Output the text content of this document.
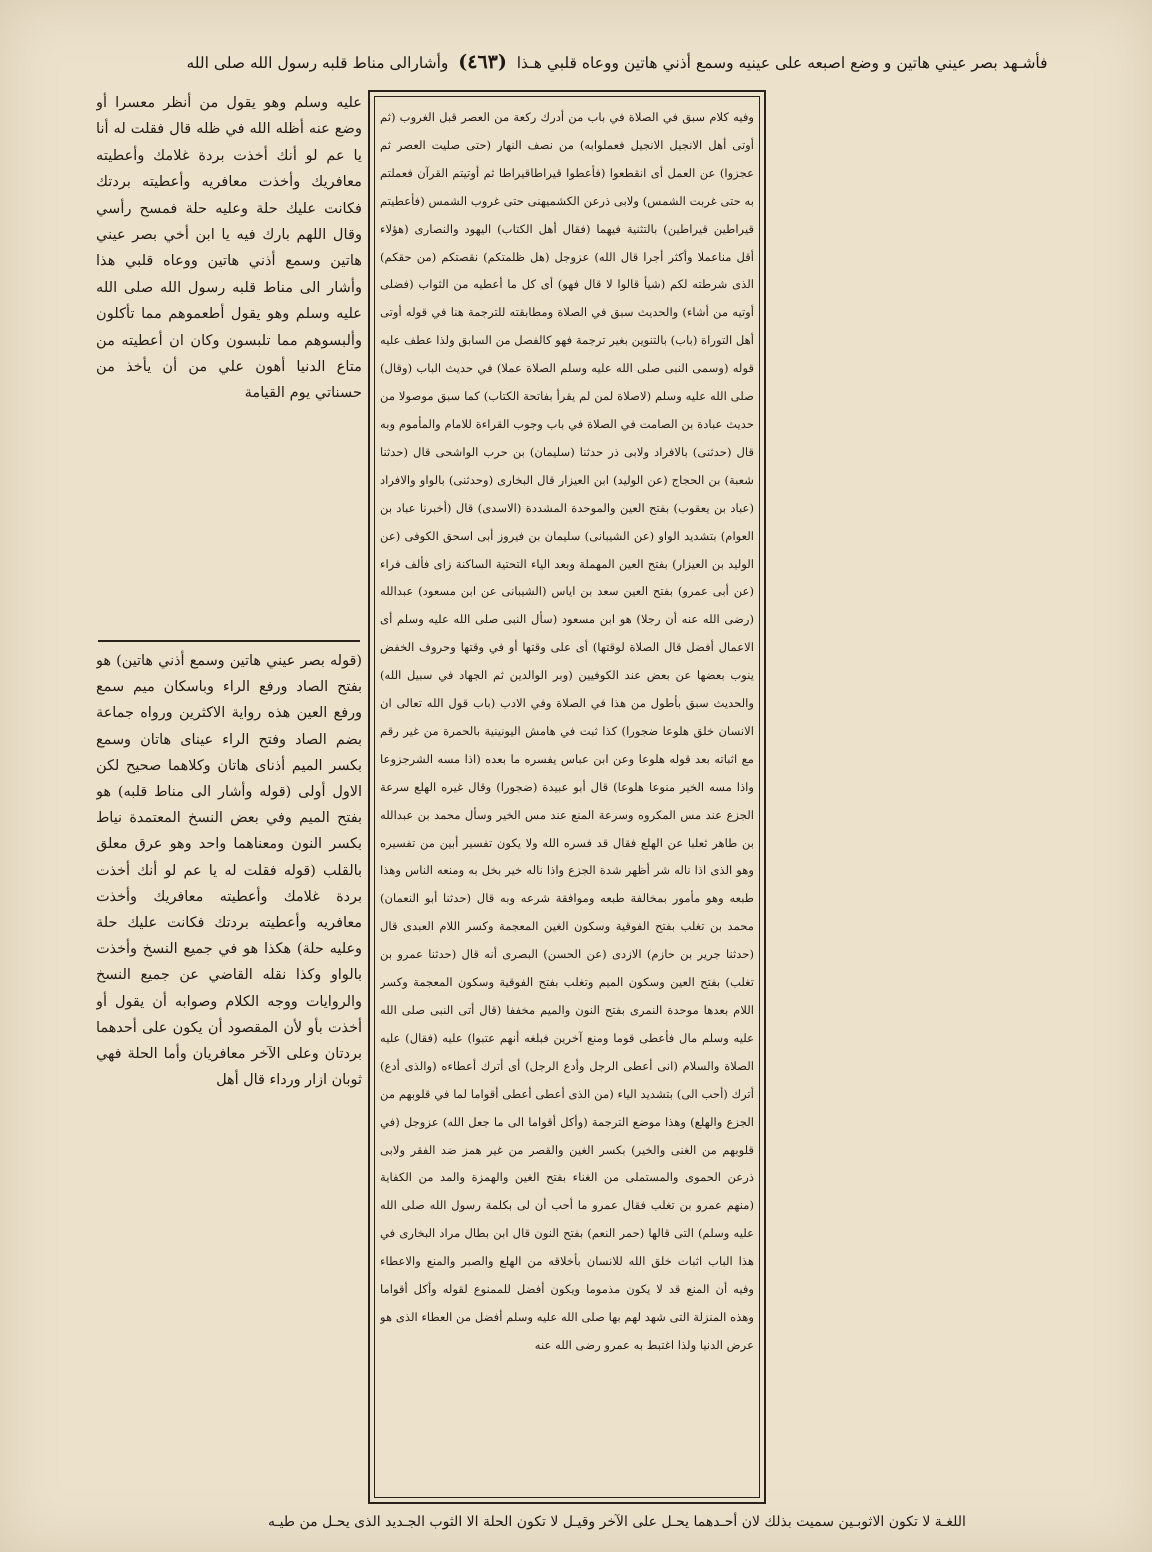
فأشـهد بصر عيني هاتين و وضع اصبعه على عينيه وسمع أذني هاتين ووعاه قلبي هـذا  (٤٦٣)  وأشارالى مناط قلبه رسول الله صلى الله
وفيه كلام سبق في الصلاة في باب من أدرك ركعة من العصر قبل الغروب (ثم أوتى أهل الانجيل الانجيل فعملوابه) من نصف النهار (حتى صليت العصر ثم عجزوا) عن العمل أى انقطعوا (فأعطوا قيراطاقيراطا ثم أوتيتم القرآن فعملتم به حتى غربت الشمس) ولابى ذرعن الكشميهنى حتى غروب الشمس (فأعطيتم قيراطين قيراطين) بالتثنية فيهما (فقال أهل الكتاب) اليهود والنصارى (هؤلاء أقل مناعملا وأكثر أجرا قال الله) عزوجل (هل ظلمتكم) نقصتكم (من حقكم) الذى شرطته لكم (شيأ قالوا لا قال فهو) أى كل ما أعطيه من الثواب (فضلى أوتيه من أشاء) والحديث سبق في الصلاة ومطابقته للترجمة هنا في قوله أوتى أهل التوراة (باب) بالتنوين بغير ترجمة فهو كالفصل من السابق ولذا عطف عليه قوله (وسمى النبى صلى الله عليه وسلم الصلاة عملا) في حديث الباب (وقال) صلى الله عليه وسلم (لاصلاة لمن لم يقرأ بفاتحة الكتاب) كما سبق موصولا من حديث عبادة بن الصامت في الصلاة في باب وجوب القراءة للامام والمأموم وبه قال (حدثنى) بالافراد ولابى ذر حدثنا (سليمان) بن حرب الواشحى قال (حدثنا شعبة) بن الحجاج (عن الوليد) ابن العيزار قال البخارى (وحدثنى) بالواو والافراد (عباد بن يعقوب) بفتح العين والموحدة المشددة (الاسدى) قال (أخبرنا عباد بن العوام) بتشديد الواو (عن الشيبانى) سليمان بن فيروز أبى اسحق الكوفى (عن الوليد بن العيزار) بفتح العين المهملة وبعد الياء التحتية الساكنة زاى فألف فراء (عن أبى عمرو) بفتح العين سعد بن اياس (الشيبانى عن ابن مسعود) عبدالله (رضى الله عنه أن رجلا) هو ابن مسعود (سأل النبى صلى الله عليه وسلم أى الاعمال أفضل قال الصلاة لوقتها) أى على وقتها أو في وقتها وحروف الخفض ينوب بعضها عن بعض عند الكوفيين (وبر الوالدين ثم الجهاد في سبيل الله) والحديث سبق بأطول من هذا في الصلاة وفي الادب (باب قول الله تعالى ان الانسان خلق هلوعا ضجورا) كذا ثبت في هامش اليونينية بالحمرة من غير رقم مع اثباته بعد قوله هلوعا وعن ابن عباس يفسره ما بعده (اذا مسه الشرجزوعا واذا مسه الخير منوعا هلوعا) قال أبو عبيدة (ضجورا) وقال غيره الهلع سرعة الجزع عند مس المكروه وسرعة المنع عند مس الخير وسأل محمد بن عبدالله بن طاهر ثعلبا عن الهلع فقال قد فسره الله ولا يكون تفسير أبين من تفسيره وهو الذى اذا ناله شر أظهر شدة الجزع واذا ناله خير بخل به ومنعه الناس وهذا طبعه وهو مأمور بمخالفة طبعه وموافقة شرعه وبه قال (حدثنا أبو النعمان) محمد بن تغلب بفتح الفوقية وسكون الغين المعجمة وكسر اللام العبدى قال (حدثنا جرير بن حازم) الازدى (عن الحسن) البصرى أنه قال (حدثنا عمرو بن تغلب) بفتح العين وسكون الميم وتغلب بفتح الفوقية وسكون المعجمة وكسر اللام بعدها موحدة النمرى بفتح النون والميم مخففا (قال أتى النبى صلى الله عليه وسلم مال فأعطى قوما ومنع آخرين فبلغه أنهم عتبوا) عليه (فقال) عليه الصلاة والسلام (انى أعطى الرجل وأدع الرجل) أى أترك أعطاءه (والذى أدع) أترك (أحب الى) بتشديد الياء (من الذى أعطى أعطى أقواما لما في قلوبهم من الجزع والهلع) وهذا موضع الترجمة (وأكل أقواما الى ما جعل الله) عزوجل (في قلوبهم من الغنى والخير) بكسر الغين والقصر من غير همز ضد الفقر ولابى ذرعن الحموى والمستملى من الغناء بفتح الغين والهمزة والمد من الكفاية (منهم عمرو بن تغلب فقال عمرو ما أحب أن لى بكلمة رسول الله صلى الله عليه وسلم) التى قالها (حمر النعم) بفتح النون قال ابن بطال مراد البخارى في هذا الباب اثبات خلق الله للانسان بأخلاقه من الهلع والصبر والمنع والاعطاء وفيه أن المنع قد لا يكون مذموما ويكون أفضل للممنوع لقوله وأكل أقواما وهذه المنزلة التى شهد لهم بها صلى الله عليه وسلم أفضل من العطاء الذى هو عرض الدنيا ولذا اغتبط به عمرو رضى الله عنه
عليه وسلم وهو يقول من أنظر معسرا أو وضع عنه أظله الله في ظله قال فقلت له أنا يا عم لو أنك أخذت بردة غلامك وأعطيته معافريك وأخذت معافريه وأعطيته بردتك فكانت عليك حلة وعليه حلة فمسح رأسي وقال اللهم بارك فيه يا ابن أخي بصر عيني هاتين وسمع أذني هاتين ووعاه قلبي هذا وأشار الى مناط قلبه رسول الله صلى الله عليه وسلم وهو يقول أطعموهم مما تأكلون وألبسوهم مما تلبسون وكان ان أعطيته من متاع الدنيا أهون علي من أن يأخذ من حسناتي يوم القيامة
(قوله بصر عيني هاتين وسمع أذني هاتين) هو بفتح الصاد ورفع الراء وباسكان ميم سمع ورفع العين هذه رواية الاكثرين ورواه جماعة بضم الصاد وفتح الراء عيناى هاتان وسمع بكسر الميم أذناى هاتان وكلاهما صحيح لكن الاول أولى (قوله وأشار الى مناط قلبه) هو بفتح الميم وفي بعض النسخ المعتمدة نياط بكسر النون ومعناهما واحد وهو عرق معلق بالقلب (قوله فقلت له يا عم لو أنك أخذت بردة غلامك وأعطيته معافريك وأخذت معافريه وأعطيته بردتك فكانت عليك حلة وعليه حلة) هكذا هو في جميع النسخ وأخذت بالواو وكذا نقله القاضي عن جميع النسخ والروايات ووجه الكلام وصوابه أن يقول أو أخذت بأو لأن المقصود أن يكون على أحدهما بردتان وعلى الآخر معافريان وأما الحلة فهي ثوبان ازار ورداء قال أهل
اللغـة لا تكون الاثوبـين سميت بذلك لان أحـدهما يحـل على الآخر وقيـل لا تكون الحلة الا الثوب الجـديد الذى يحـل من طيـه
